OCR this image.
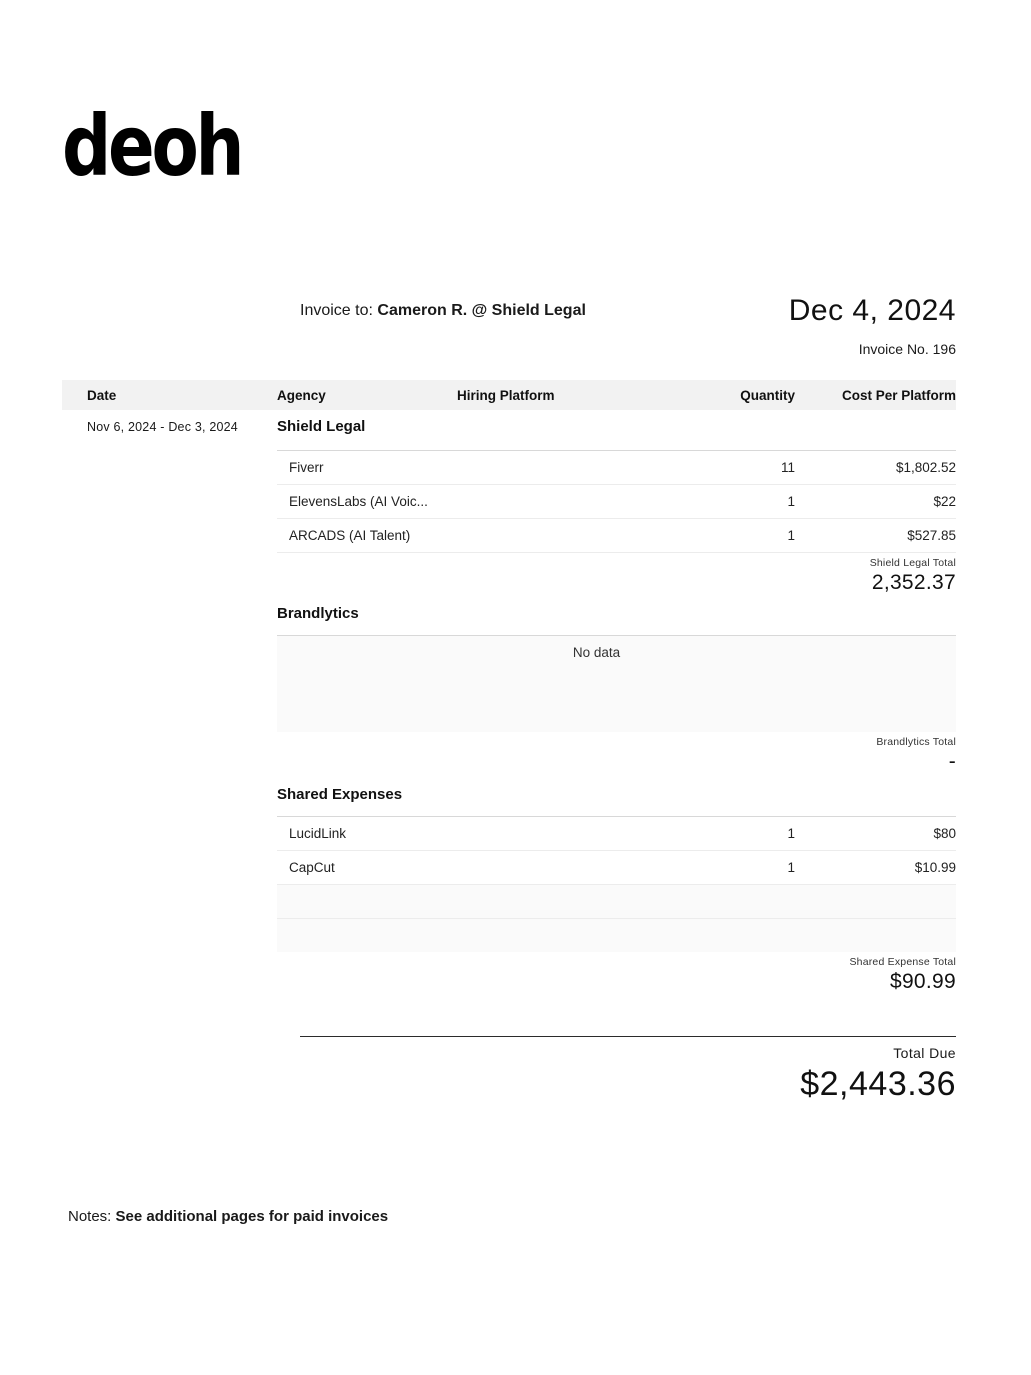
deoh
Invoice to: Cameron R. @ Shield Legal	Dec 4, 2024
Invoice No. 196
Date	Agency	Hiring Platform	Quantity	Cost Per Platform
Nov 6, 2024 - Dec 3, 2024	Shield Legal
Fiverr	11	$1,802.52
ElevensLabs (AI Voic...	1	$22
ARCADS (AI Talent)	1	$527.85
Shield Legal Total
2,352.37
Brandlytics
No data
Brandlytics Total
-
Shared Expenses
LucidLink	1	$80
CapCut	1	$10.99
Shared Expense Total
$90.99
Total Due
$2,443.36
Notes: See additional pages for paid invoices
